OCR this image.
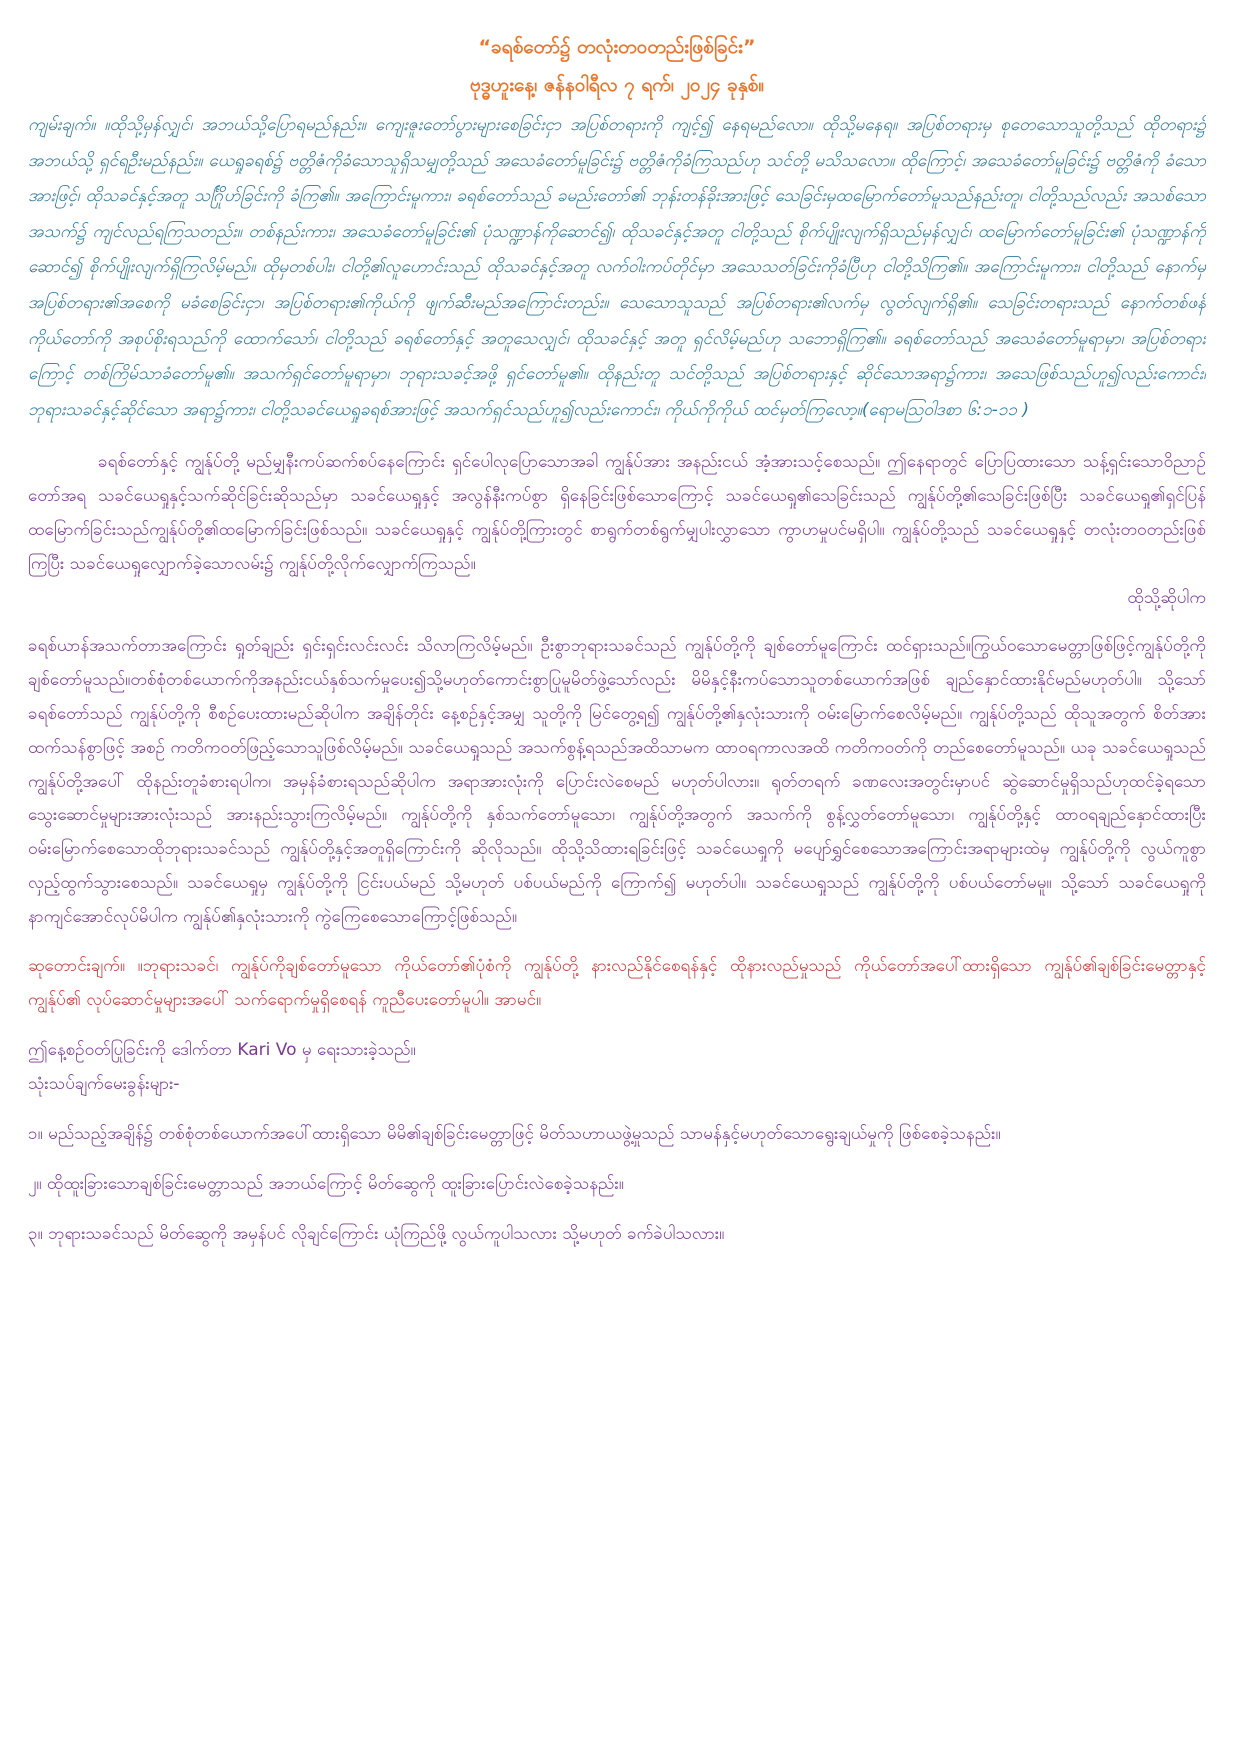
“ခရစ်တော်၌ တလုံးတဝတည်းဖြစ်ခြင်း”
ဗုဒ္ဓဟူးနေ့၊ ဇန်နဝါရီလ ၇ ရက်၊ ၂၀၂၄ ခုနှစ်။

ကျမ်းချက်။ ။ထိုသို့မှန်လျှင်၊ အဘယ်သို့ပြောရမည်နည်း။ ကျေးဇူးတော်ပွားများစေခြင်းငှာ အပြစ်တရားကို ကျင့်၍ နေရမည်လော။ ထိုသို့မနေရ။ အပြစ်တရားမှ စုတေသောသူတို့သည် ထိုတရား၌ အဘယ်သို့ ရှင်ရဦးမည်နည်း။ ယေရှုခရစ်၌ ဗတ္တိဇံကိုခံသောသူရှိသမျှတို့သည် အသေခံတော်မူခြင်း၌ ဗတ္တိဇံကိုခံကြသည်ဟု သင်တို့ မသိသလော။ ထိုကြောင့်၊ အသေခံတော်မူခြင်း၌ ဗတ္တိဇံကို ခံသောအားဖြင့်၊ ထိုသခင်နှင့်အတူ သင်္ဂြိုဟ်ခြင်းကို ခံကြ၏။ အကြောင်းမူကား၊ ခရစ်တော်သည် ခမည်းတော်၏ ဘုန်းတန်ခိုးအားဖြင့် သေခြင်းမှထမြောက်တော်မူသည်နည်းတူ၊ ငါတို့သည်လည်း အသစ်သောအသက်၌ ကျင်လည်ရကြသတည်း။ တစ်နည်းကား၊ အသေခံတော်မူခြင်း၏ ပုံသဏ္ဍာန်ကိုဆောင်၍၊ ထိုသခင်နှင့်အတူ ငါတို့သည် စိုက်ပျိုးလျက်ရှိသည်မှန်လျှင်၊ ထမြောက်တော်မူခြင်း၏ ပုံသဏ္ဍာန်ကိုဆောင်၍ စိုက်ပျိုးလျက်ရှိကြလိမ့်မည်။ ထိုမှတစ်ပါး၊ ငါတို့၏လူဟောင်းသည် ထိုသခင်နှင့်အတူ လက်ဝါးကပ်တိုင်မှာ အသေသတ်ခြင်းကိုခံပြီဟု ငါတို့သိကြ၏။ အကြောင်းမူကား၊ ငါတို့သည် နောက်မှ အပြစ်တရား၏အစေကို မခံစေခြင်းငှာ၊ အပြစ်တရား၏ကိုယ်ကို ဖျက်ဆီးမည်အကြောင်းတည်း။ သေသောသူသည် အပြစ်တရား၏လက်မှ လွတ်လျက်ရှိ၏။ သေခြင်းတရားသည် နောက်တစ်ဖန် ကိုယ်တော်ကို အစုပ်စိုးရသည်ကို ထောက်သော်၊ ငါတို့သည် ခရစ်တော်နှင့် အတူသေလျှင်၊ ထိုသခင်နှင့် အတူ ရှင်လိမ့်မည်ဟု သဘောရှိကြ၏။ ခရစ်တော်သည် အသေခံတော်မူရာမှာ၊ အပြစ်တရားကြောင့် တစ်ကြိမ်သာခံတော်မူ၏။ အသက်ရှင်တော်မူရာမှာ၊ ဘုရားသခင့်အဖို့ ရှင်တော်မူ၏။ ထိုနည်းတူ သင်တို့သည် အပြစ်တရားနှင့် ဆိုင်သောအရာ၌ကား၊ အသေဖြစ်သည်ဟူ၍လည်းကောင်း၊ ဘုရားသခင်နှင့်ဆိုင်သော အရာ၌ကား၊ ငါတို့သခင်ယေရှုခရစ်အားဖြင့် အသက်ရှင်သည်ဟူ၍လည်းကောင်း၊ ကိုယ်ကိုကိုယ် ထင်မှတ်ကြလော့။(ရောမဩဝါဒစာ ၆:၁-၁၁ )

ခရစ်တော်နှင့် ကျွန်ုပ်တို့ မည်မျှနီးကပ်ဆက်စပ်နေကြောင်း ရှင်ပေါလုပြောသောအခါ ကျွန်ုပ်အား အနည်းငယ် အံ့အားသင့်စေသည်။ ဤနေရာတွင် ပြောပြထားသော သန့်ရှင်းသောဝိညာဉ်တော်အရ သခင်ယေရှုနှင့်သက်ဆိုင်ခြင်းဆိုသည်မှာ သခင်ယေရှုနှင့် အလွန်နီးကပ်စွာ ရှိနေခြင်းဖြစ်သောကြောင့် သခင်ယေရှု၏သေခြင်းသည် ကျွန်ုပ်တို့၏သေခြင်းဖြစ်ပြီး သခင်ယေရှု၏ရှင်ပြန်ထမြောက်ခြင်းသည်ကျွန်ုပ်တို့၏ထမြောက်ခြင်းဖြစ်သည်။ သခင်ယေရှုနှင့် ကျွန်ုပ်တို့ကြားတွင် စာရွက်တစ်ရွက်မျှပါးလွှာသော ကွာဟမှုပင်မရှိပါ။ ကျွန်ုပ်တို့သည် သခင်ယေရှုနှင့် တလုံးတဝတည်းဖြစ်ကြပြီး သခင်ယေရှုလျှောက်ခဲ့သောလမ်း၌ ကျွန်ုပ်တို့လိုက်လျှောက်ကြသည်။
ထိုသို့ဆိုပါက

ခရစ်ယာန်အသက်တာအကြောင်း ရှုတ်ချည်း ရှင်းရှင်းလင်းလင်း သိလာကြလိမ့်မည်။ ဦးစွာဘုရားသခင်သည် ကျွန်ုပ်တို့ကို ချစ်တော်မူကြောင်း ထင်ရှားသည်။ကြွယ်ဝသောမေတ္တာဖြစ်ဖြင့်ကျွန်ုပ်တို့ကိုချစ်တော်မူသည်။တစ်စုံတစ်ယောက်ကိုအနည်းငယ်နှစ်သက်မှုပေး၍သို့မဟုတ်ကောင်းစွာပြုမူမိတ်ဖွဲ့သော်လည်း မိမိနှင့်နီးကပ်သောသူတစ်ယောက်အဖြစ် ချည်နှောင်ထားနိုင်မည်မဟုတ်ပါ။ သို့သော် ခရစ်တော်သည် ကျွန်ုပ်တို့ကို စီစဉ်ပေးထားမည်ဆိုပါက အချိန်တိုင်း နေ့စဉ်နှင့်အမျှ သူတို့ကို မြင်တွေ့ရ၍ ကျွန်ုပ်တို့၏နှလုံးသားကို ဝမ်းမြောက်စေလိမ့်မည်။ ကျွန်ုပ်တို့သည် ထိုသူအတွက် စိတ်အားထက်သန်စွာဖြင့် အစဉ် ကတိကဝတ်ဖြည့်သောသူဖြစ်လိမ့်မည်။ သခင်ယေရှုသည် အသက်စွန့်ရသည်အထိသာမက ထာဝရကာလအထိ ကတိကဝတ်ကို တည်စေတော်မူသည်။ ယခု သခင်ယေရှုသည် ကျွန်ုပ်တို့အပေါ် ထိုနည်းတူခံစားရပါက၊ အမှန်ခံစားရသည်ဆိုပါက အရာအားလုံးကို ပြောင်းလဲစေမည် မဟုတ်ပါလား။ ရုတ်တရက် ခဏလေးအတွင်းမှာပင် ဆွဲဆောင်မှုရှိသည်ဟုထင်ခဲ့ရသော သွေးဆောင်မှုများအားလုံးသည် အားနည်းသွားကြလိမ့်မည်။ ကျွန်ုပ်တို့ကို နှစ်သက်တော်မူသော၊ ကျွန်ုပ်တို့အတွက် အသက်ကို စွန့်လွှတ်တော်မူသော၊ ကျွန်ုပ်တို့နှင့် ထာဝရချည်နှောင်ထားပြီး ဝမ်းမြောက်စေသောထိုဘုရားသခင်သည် ကျွန်ုပ်တို့နှင့်အတူရှိကြောင်းကို ဆိုလိုသည်။ ထိုသို့သိထားရခြင်းဖြင့် သခင်ယေရှုကို မပျော်ရွှင်စေသောအကြောင်းအရာများထဲမှ ကျွန်ုပ်တို့ကို လွယ်ကူစွာလှည့်ထွက်သွားစေသည်။ သခင်ယေရှုမှ ကျွန်ုပ်တို့ကို ငြင်းပယ်မည် သို့မဟုတ် ပစ်ပယ်မည်ကို ကြောက်၍ မဟုတ်ပါ။ သခင်ယေရှုသည် ကျွန်ုပ်တို့ကို ပစ်ပယ်တော်မမူ။ သို့သော် သခင်ယေရှုကို နာကျင်အောင်လုပ်မိပါက ကျွန်ုပ်၏နှလုံးသားကို ကွဲကြေစေသောကြောင့်ဖြစ်သည်။

ဆုတောင်းချက်။ ။ဘုရားသခင်၊ ကျွန်ုပ်ကိုချစ်တော်မူသော ကိုယ်တော်၏ပုံစံကို ကျွန်ုပ်တို့ နားလည်နိုင်စေရန်နှင့် ထိုနားလည်မှုသည် ကိုယ်တော်အပေါ်ထားရှိသော ကျွန်ုပ်၏ချစ်ခြင်းမေတ္တာနှင့် ကျွန်ုပ်၏ လုပ်ဆောင်မှုများအပေါ် သက်ရောက်မှုရှိစေရန် ကူညီပေးတော်မူပါ။ အာမင်။

ဤနေ့စဉ်ဝတ်ပြုခြင်းကို ဒေါက်တာ Kari Vo မှ ရေးသားခဲ့သည်။

သုံးသပ်ချက်မေးခွန်းများ-

၁။ မည်သည့်အချိန်၌ တစ်စုံတစ်ယောက်အပေါ်ထားရှိသော မိမိ၏ချစ်ခြင်းမေတ္တာဖြင့် မိတ်သဟာယဖွဲ့မှုသည် သာမန်နှင့်မဟုတ်သောရွေးချယ်မှုကို ဖြစ်စေခဲ့သနည်း။

၂။ ထိုထူးခြားသောချစ်ခြင်းမေတ္တာသည် အဘယ်ကြောင့် မိတ်ဆွေကို ထူးခြားပြောင်းလဲစေခဲ့သနည်း။

၃။ ဘုရားသခင်သည် မိတ်ဆွေကို အမှန်ပင် လိုချင်ကြောင်း ယုံကြည်ဖို့ လွယ်ကူပါသလား သို့မဟုတ် ခက်ခဲပါသလား။
